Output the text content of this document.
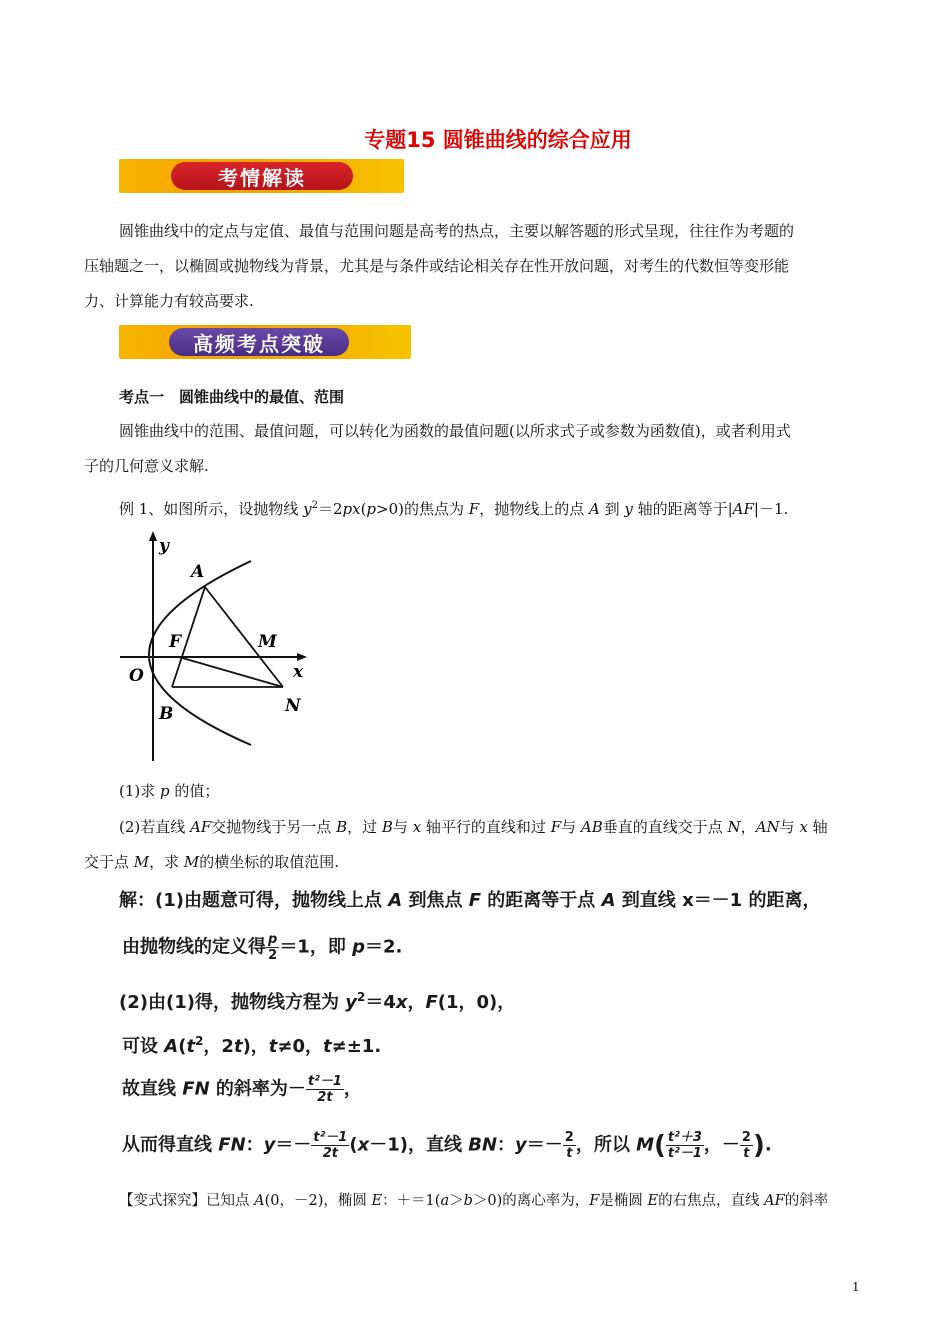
专题15 圆锥曲线的综合应用
考情解读
圆锥曲线中的定点与定值、最值与范围问题是高考的热点，主要以解答题的形式呈现，往往作为考题的
压轴题之一，以椭圆或抛物线为背景，尤其是与条件或结论相关存在性开放问题，对考生的代数恒等变形能
力、计算能力有较高要求.
高频考点突破
考点一　圆锥曲线中的最值、范围
圆锥曲线中的范围、最值问题，可以转化为函数的最值问题(以所求式子或参数为函数值)，或者利用式
子的几何意义求解.
例 1、如图所示，设抛物线 $y^2=2px(p>0)$的焦点为 F，抛物线上的点 A 到 y 轴的距离等于|AF|－1.
y
x
O
F
A
M
B	N
(1)求 p 的值；
(2)若直线 AF交抛物线于另一点 B，过 B与 x 轴平行的直线和过 F与 AB垂直的直线交于点 N，AN与 x 轴
交于点 M，求 M的横坐标的取值范围.
解：(1)由题意可得，抛物线上点 A 到焦点 F 的距离等于点 A 到直线 x＝－1 的距离，
由抛物线的定义得 $\frac{p}{2} =1$，即 p＝2.
(2)由(1)得，抛物线方程为 $y^2=4x$，F(1，0)，
可设 $A(t^2$，2t)，t≠0，t≠±1.
故直线 FN 的斜率为－ $\frac{\text{t²－1}}{2t}$ ，
从而得直线 FN：$y=- \frac{\text{t²－1}}{2t} (x-1)$，直线 BN：$y=- \frac{2}{t}$ ，所以 $M( \frac{\text{t²＋3}}{\text{t²－1}}$ ，－ $\frac{2}{t}$ ).
【变式探究】已知点 A(0，－2)，椭圆 E：＋＝1(a＞b＞0)的离心率为，F是椭圆 E的右焦点，直线 AF的斜率
1
